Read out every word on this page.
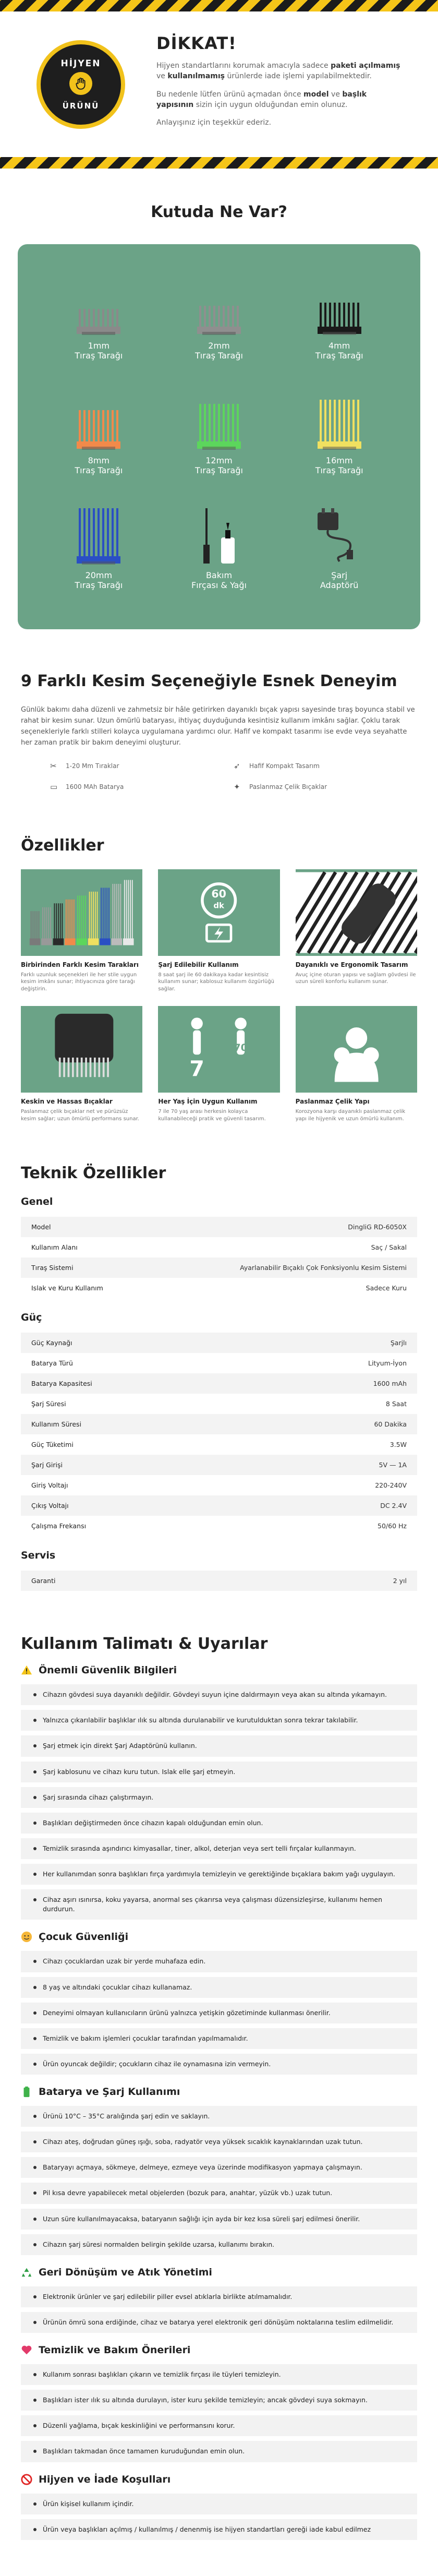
HİJYEN
ÜRÜNÜ
DİKKAT!

Hijyen standartlarını korumak amacıyla sadece paketi açılmamış ve kullanılmamış ürünlerde iade işlemi yapılabilmektedir.

Bu nedenle lütfen ürünü açmadan önce model ve başlık yapısının sizin için uygun olduğundan emin olunuz.

Anlayışınız için teşekkür ederiz.

Kutuda Ne Var?
1mm
Tıraş Tarağı
2mm
Tıraş Tarağı
4mm
Tıraş Tarağı
8mm
Tıraş Tarağı
12mm
Tıraş Tarağı
16mm
Tıraş Tarağı
20mm
Tıraş Tarağı
Bakım
Fırçası & Yağı
Şarj
Adaptörü
9 Farklı Kesim Seçeneğiyle Esnek Deneyim

Günlük bakımı daha düzenli ve zahmetsiz bir hâle getirirken dayanıklı bıçak yapısı sayesinde tıraş boyunca stabil ve rahat bir kesim sunar. Uzun ömürlü bataryası, ihtiyaç duyduğunda kesintisiz kullanım imkânı sağlar. Çoklu tarak seçenekleriyle farklı stilleri kolayca uygulamana yardımcı olur. Hafif ve kompakt tasarımı ise evde veya seyahatte her zaman pratik bir bakım deneyimi oluşturur.

✂	1-20 Mm Tıraklar	➶	Hafif Kompakt Tasarım
▭	1600 MAh Batarya	✦	Paslanmaz Çelik Bıçaklar
Özellikler
Birbirinden Farklı Kesim Tarakları

Farklı uzunluk seçenekleri ile her stile uygun kesim imkânı sunar; ihtiyacınıza göre tarağı değiştirin.

60
dk
Şarj Edilebilir Kullanım

8 saat şarj ile 60 dakikaya kadar kesintisiz kullanım sunar; kablosuz kullanım özgürlüğü sağlar.

Dayanıklı ve Ergonomik Tasarım

Avuç içine oturan yapısı ve sağlam gövdesi ile uzun süreli konforlu kullanım sunar.

Keskin ve Hassas Bıçaklar

Paslanmaz çelik bıçaklar net ve pürüzsüz kesim sağlar; uzun ömürlü performans sunar.

7
70
Her Yaş İçin Uygun Kullanım

7 ile 70 yaş arası herkesin kolayca kullanabileceği pratik ve güvenli tasarım.

Paslanmaz Çelik Yapı

Korozyona karşı dayanıklı paslanmaz çelik yapı ile hijyenik ve uzun ömürlü kullanım.

Teknik Özellikler
Genel
Model	DingliG RD-6050X
Kullanım Alanı	Saç / Sakal
Tıraş Sistemi	Ayarlanabilir Bıçaklı Çok Fonksiyonlu Kesim Sistemi
Islak ve Kuru Kullanım	Sadece Kuru
Güç
Güç Kaynağı	Şarjlı
Batarya Türü	Lityum-İyon
Batarya Kapasitesi	1600 mAh
Şarj Süresi	8 Saat
Kullanım Süresi	60 Dakika
Güç Tüketimi	3.5W
Şarj Girişi	5V — 1A
Giriş Voltajı	220-240V
Çıkış Voltajı	DC 2.4V
Çalışma Frekansı	50/60 Hz
Servis
Garanti	2 yıl
Kullanım Talimatı & Uyarılar
Önemli Güvenlik Bilgileri
Cihazın gövdesi suya dayanıklı değildir. Gövdeyi suyun içine daldırmayın veya akan su altında yıkamayın.
Yalnızca çıkarılabilir başlıklar ılık su altında durulanabilir ve kurutulduktan sonra tekrar takılabilir.
Şarj etmek için direkt Şarj Adaptörünü kullanın.
Şarj kablosunu ve cihazı kuru tutun. Islak elle şarj etmeyin.
Şarj sırasında cihazı çalıştırmayın.
Başlıkları değiştirmeden önce cihazın kapalı olduğundan emin olun.
Temizlik sırasında aşındırıcı kimyasallar, tiner, alkol, deterjan veya sert telli fırçalar kullanmayın.
Her kullanımdan sonra başlıkları fırça yardımıyla temizleyin ve gerektiğinde bıçaklara bakım yağı uygulayın.
Cihaz aşırı ısınırsa, koku yayarsa, anormal ses çıkarırsa veya çalışması düzensizleşirse, kullanımı hemen durdurun.
Çocuk Güvenliği
Cihazı çocuklardan uzak bir yerde muhafaza edin.
8 yaş ve altındaki çocuklar cihazı kullanamaz.
Deneyimi olmayan kullanıcıların ürünü yalnızca yetişkin gözetiminde kullanması önerilir.
Temizlik ve bakım işlemleri çocuklar tarafından yapılmamalıdır.
Ürün oyuncak değildir; çocukların cihaz ile oynamasına izin vermeyin.
Batarya ve Şarj Kullanımı
Ürünü 10°C – 35°C aralığında şarj edin ve saklayın.
Cihazı ateş, doğrudan güneş ışığı, soba, radyatör veya yüksek sıcaklık kaynaklarından uzak tutun.
Bataryayı açmaya, sökmeye, delmeye, ezmeye veya üzerinde modifikasyon yapmaya çalışmayın.
Pil kısa devre yapabilecek metal objelerden (bozuk para, anahtar, yüzük vb.) uzak tutun.
Uzun süre kullanılmayacaksa, bataryanın sağlığı için ayda bir kez kısa süreli şarj edilmesi önerilir.
Cihazın şarj süresi normalden belirgin şekilde uzarsa, kullanımı bırakın.
Geri Dönüşüm ve Atık Yönetimi
Elektronik ürünler ve şarj edilebilir piller evsel atıklarla birlikte atılmamalıdır.
Ürünün ömrü sona erdiğinde, cihaz ve batarya yerel elektronik geri dönüşüm noktalarına teslim edilmelidir.
Temizlik ve Bakım Önerileri
Kullanım sonrası başlıkları çıkarın ve temizlik fırçası ile tüyleri temizleyin.
Başlıkları ister ılık su altında durulayın, ister kuru şekilde temizleyin; ancak gövdeyi suya sokmayın.
Düzenli yağlama, bıçak keskinliğini ve performansını korur.
Başlıkları takmadan önce tamamen kuruduğundan emin olun.
Hijyen ve İade Koşulları
Ürün kişisel kullanım içindir.
Ürün veya başlıkları açılmış / kullanılmış / denenmiş ise hijyen standartları gereği iade kabul edilmez
